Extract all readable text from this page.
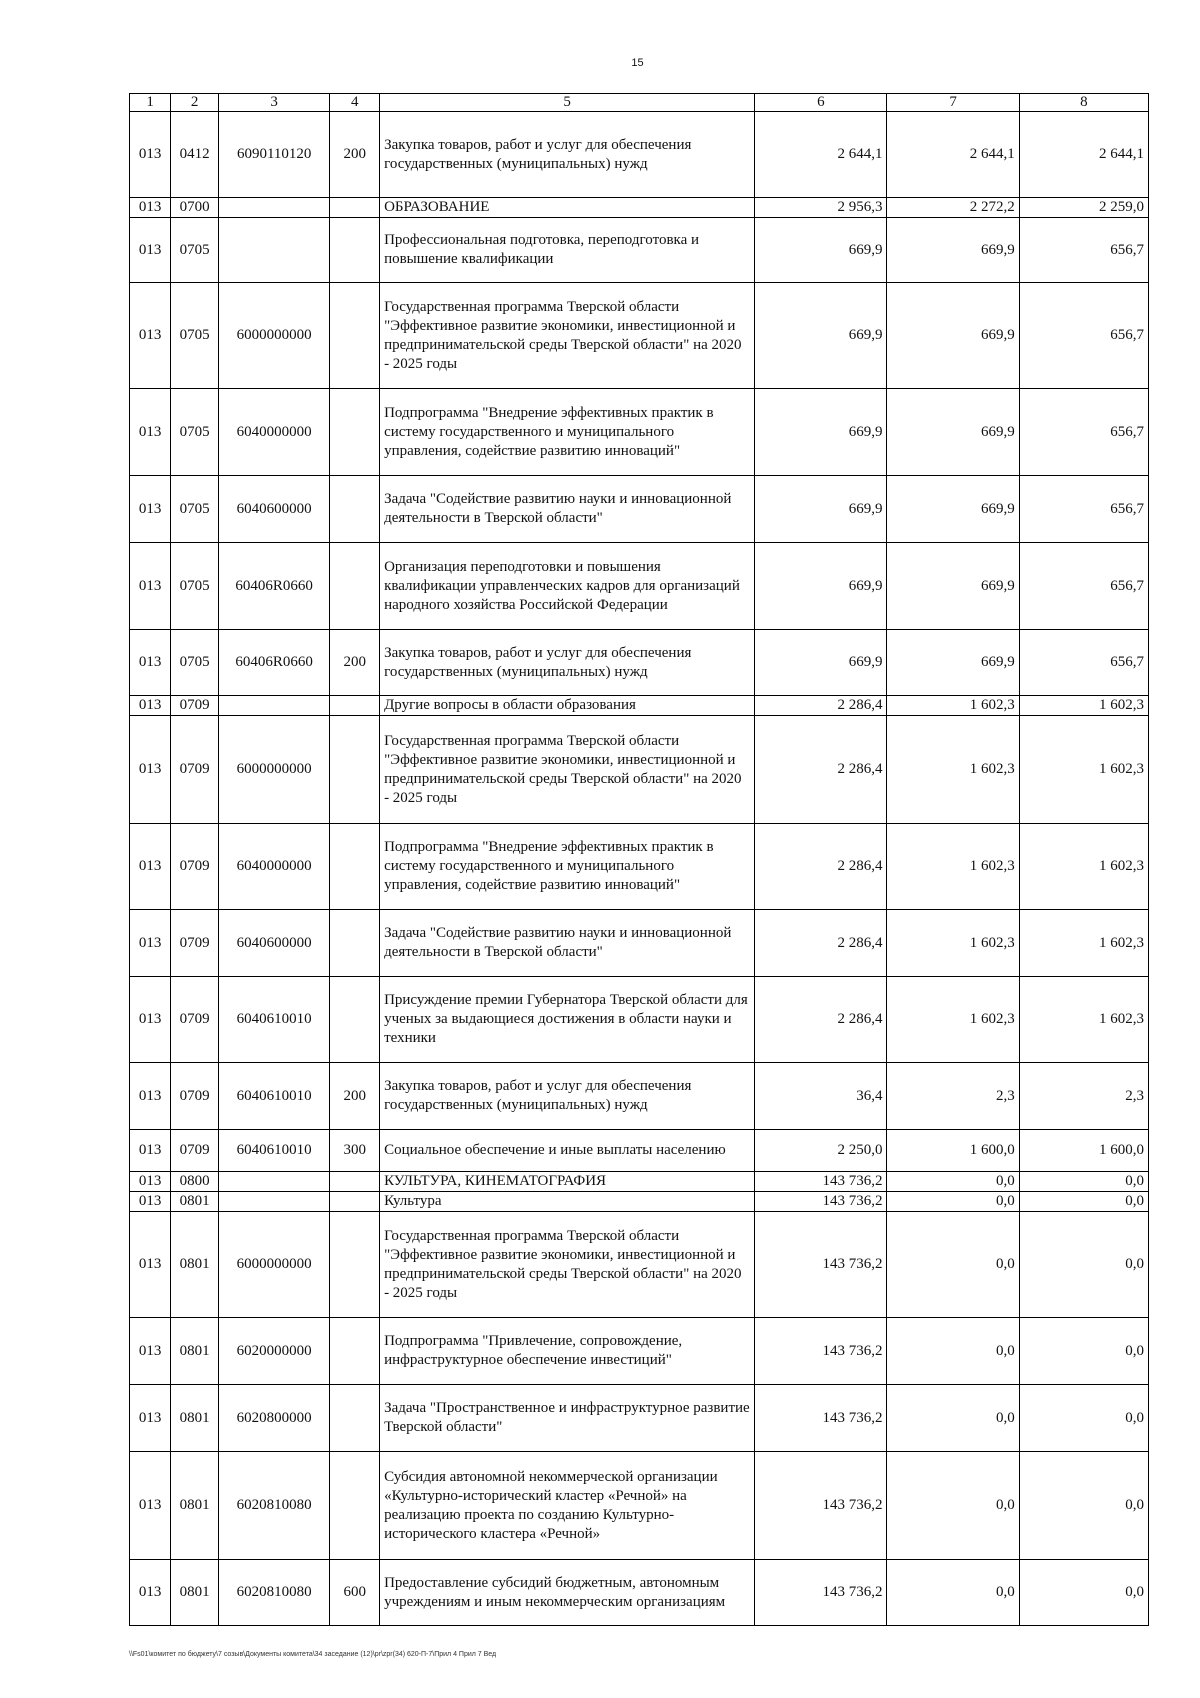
15
1	2	3	4	5	6	7	8
013	0412	6090110120	200	Закупка товаров, работ и услуг для обеспечения государственных (муниципальных) нужд	2 644,1	2 644,1	2 644,1
013	0700			ОБРАЗОВАНИЕ	2 956,3	2 272,2	2 259,0
013	0705			Профессиональная подготовка, переподготовка и повышение квалификации	669,9	669,9	656,7
013	0705	6000000000		Государственная программа Тверской области "Эффективное развитие экономики, инвестиционной и предпринимательской среды Тверской области" на 2020 - 2025 годы	669,9	669,9	656,7
013	0705	6040000000		Подпрограмма "Внедрение эффективных практик в систему государственного и муниципального управления, содействие развитию инноваций"	669,9	669,9	656,7
013	0705	6040600000		Задача "Содействие развитию науки и инновационной деятельности в Тверской области"	669,9	669,9	656,7
013	0705	60406R0660		Организация переподготовки и повышения квалификации управленческих кадров для организаций народного хозяйства Российской Федерации	669,9	669,9	656,7
013	0705	60406R0660	200	Закупка товаров, работ и услуг для обеспечения государственных (муниципальных) нужд	669,9	669,9	656,7
013	0709			Другие вопросы в области образования	2 286,4	1 602,3	1 602,3
013	0709	6000000000		Государственная программа Тверской области "Эффективное развитие экономики, инвестиционной и предпринимательской среды Тверской области" на 2020 - 2025 годы	2 286,4	1 602,3	1 602,3
013	0709	6040000000		Подпрограмма "Внедрение эффективных практик в систему государственного и муниципального управления, содействие развитию инноваций"	2 286,4	1 602,3	1 602,3
013	0709	6040600000		Задача "Содействие развитию науки и инновационной деятельности в Тверской области"	2 286,4	1 602,3	1 602,3
013	0709	6040610010		Присуждение премии Губернатора Тверской области для ученых за выдающиеся достижения в области науки и техники	2 286,4	1 602,3	1 602,3
013	0709	6040610010	200	Закупка товаров, работ и услуг для обеспечения государственных (муниципальных) нужд	36,4	2,3	2,3
013	0709	6040610010	300	Социальное обеспечение и иные выплаты населению	2 250,0	1 600,0	1 600,0
013	0800			КУЛЬТУРА, КИНЕМАТОГРАФИЯ	143 736,2	0,0	0,0
013	0801			Культура	143 736,2	0,0	0,0
013	0801	6000000000		Государственная программа Тверской области "Эффективное развитие экономики, инвестиционной и предпринимательской среды Тверской области" на 2020 - 2025 годы	143 736,2	0,0	0,0
013	0801	6020000000		Подпрограмма "Привлечение, сопровождение, инфраструктурное обеспечение инвестиций"	143 736,2	0,0	0,0
013	0801	6020800000		Задача "Пространственное и инфраструктурное развитие Тверской области"	143 736,2	0,0	0,0
013	0801	6020810080		Субсидия автономной некоммерческой организации «Культурно-исторический кластер «Речной» на реализацию проекта по созданию Культурно-исторического кластера «Речной»	143 736,2	0,0	0,0
013	0801	6020810080	600	Предоставление субсидий бюджетным, автономным учреждениям и иным некоммерческим организациям	143 736,2	0,0	0,0
\\Fs01\комитет по бюджету\7 созыв\Документы комитета\34 заседание (12)\pr\zpr(34) 620-П-7\Прил 4 Прил 7 Вед
